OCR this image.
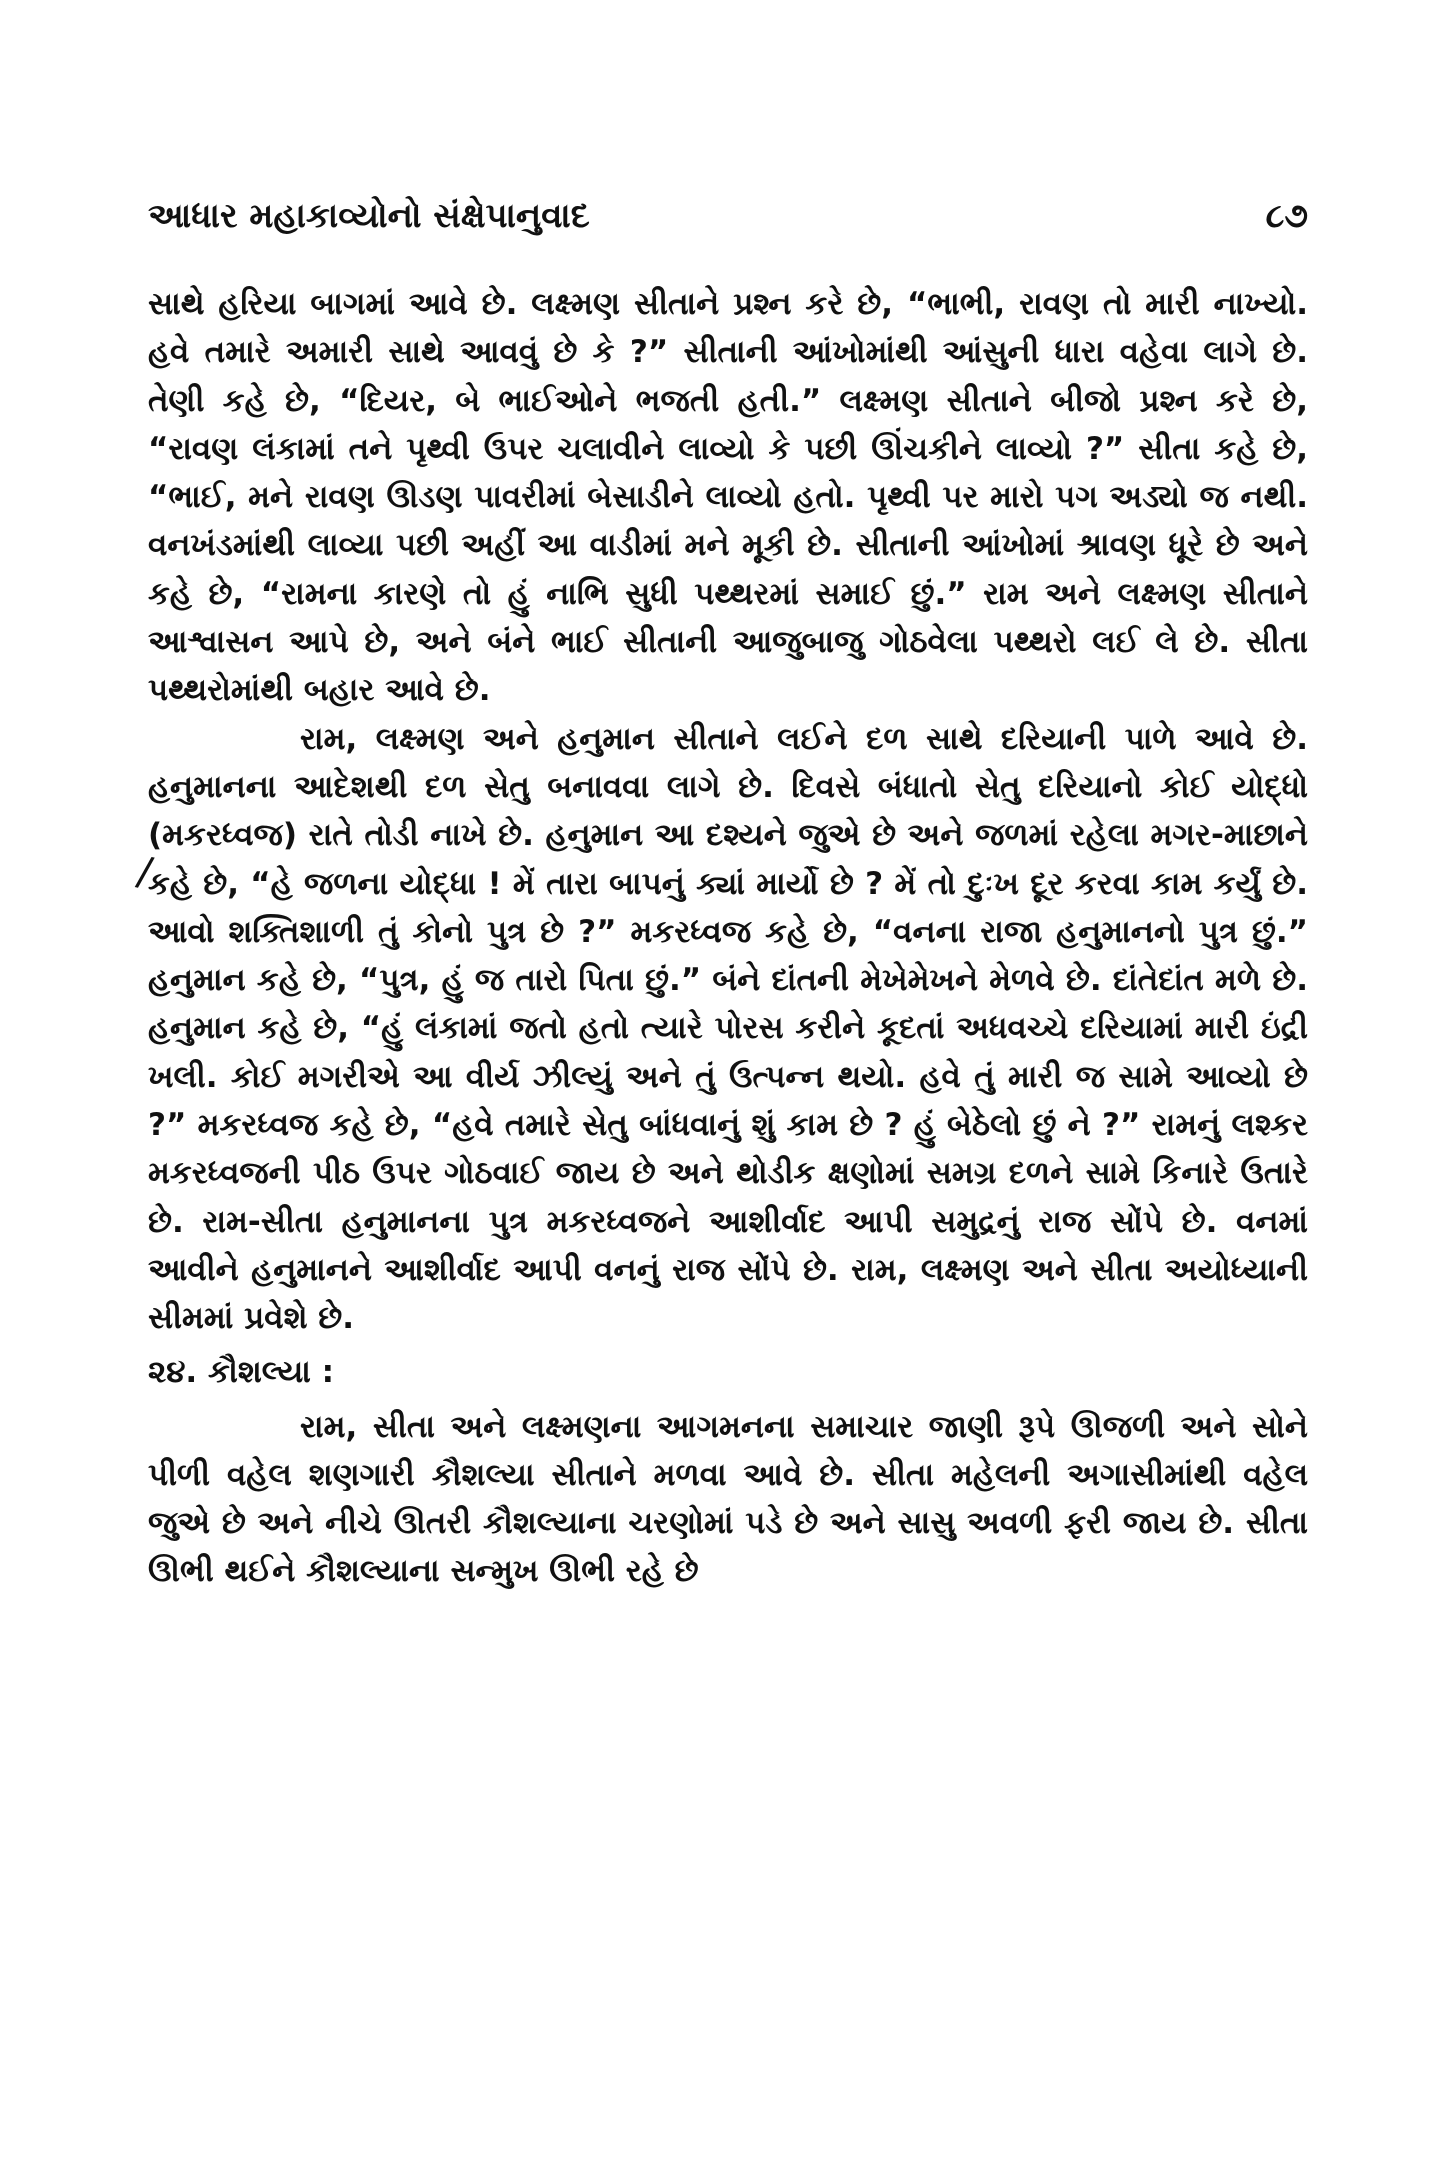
આધાર મહાકાવ્યોનો સંક્ષેપાનુવાદ	૮૭
/

સાથે હરિયા બાગમાં આવે છે. લક્ષ્મણ સીતાને પ્રશ્ન કરે છે, “ભાભી, રાવણ તો મારી નાખ્યો. હવે તમારે અમારી સાથે આવવું છે કે ?” સીતાની આંખોમાંથી આંસુની ધારા વહેવા લાગે છે. તેણી કહે છે, “દિયર, બે ભાઈઓને ભજતી હતી.” લક્ષ્મણ સીતાને બીજો પ્રશ્ન કરે છે, “રાવણ લંકામાં તને પૃથ્વી ઉપર ચલાવીને લાવ્યો કે પછી ઊંચકીને લાવ્યો ?” સીતા કહે છે, “ભાઈ, મને રાવણ ઊડણ પાવરીમાં બેસાડીને લાવ્યો હતો. પૃથ્વી પર મારો પગ અડ્યો જ નથી. વનખંડમાંથી લાવ્યા પછી અહીં આ વાડીમાં મને મૂકી છે. સીતાની આંખોમાં શ્રાવણ ધૂરે છે અને કહે છે, “રામના કારણે તો હું નાભિ સુધી પથ્થરમાં સમાઈ છું.” રામ અને લક્ષ્મણ સીતાને આશ્વાસન આપે છે, અને બંને ભાઈ સીતાની આજુબાજુ ગોઠવેલા પથ્થરો લઈ લે છે. સીતા પથ્થરોમાંથી બહાર આવે છે.

રામ, લક્ષ્મણ અને હનુમાન સીતાને લઈને દળ સાથે દરિયાની પાળે આવે છે. હનુમાનના આદેશથી દળ સેતુ બનાવવા લાગે છે. દિવસે બંધાતો સેતુ દરિયાનો કોઈ યોદ્ધો (મકરધ્વજ) રાતે તોડી નાખે છે. હનુમાન આ દશ્યને જુએ છે અને જળમાં રહેલા મગર-માછાને કહે છે, “હે જળના યોદ્ધા ! મેં તારા બાપનું ક્યાં માર્યો છે ? મેં તો દુઃખ દૂર કરવા કામ કર્યું છે. આવો શક્તિશાળી તું કોનો પુત્ર છે ?” મકરધ્વજ કહે છે, “વનના રાજા હનુમાનનો પુત્ર છું.” હનુમાન કહે છે, “પુત્ર, હું જ તારો પિતા છું.” બંને દાંતની મેખેમેખને મેળવે છે. દાંતેદાંત મળે છે. હનુમાન કહે છે, “હું લંકામાં જતો હતો ત્યારે પોરસ કરીને કૂદતાં અધવચ્ચે દરિયામાં મારી ઇંદ્રી ખલી. કોઈ મગરીએ આ વીર્ય ઝીલ્યું અને તું ઉત્પન્ન થયો. હવે તું મારી જ સામે આવ્યો છે ?” મકરધ્વજ કહે છે, “હવે તમારે સેતુ બાંધવાનું શું કામ છે ? હું બેઠેલો છું ને ?” રામનું લશ્કર મકરધ્વજની પીઠ ઉપર ગોઠવાઈ જાય છે અને થોડીક ક્ષણોમાં સમગ્ર દળને સામે કિનારે ઉતારે છે. રામ-સીતા હનુમાનના પુત્ર મકરધ્વજને આશીર્વાદ આપી સમુદ્રનું રાજ સોંપે છે. વનમાં આવીને હનુમાનને આશીર્વાદ આપી વનનું રાજ સોંપે છે. રામ, લક્ષ્મણ અને સીતા અયોધ્યાની સીમમાં પ્રવેશે છે.

૨૪. કૌશલ્યા :

રામ, સીતા અને લક્ષ્મણના આગમનના સમાચાર જાણી રૂપે ઊજળી અને સોને પીળી વહેલ શણગારી કૌશલ્યા સીતાને મળવા આવે છે. સીતા મહેલની અગાસીમાંથી વહેલ જુએ છે અને નીચે ઊતરી કૌશલ્યાના ચરણોમાં પડે છે અને સાસુ અવળી ફરી જાય છે. સીતા ઊભી થઈને કૌશલ્યાના સન્મુખ ઊભી રહે છે
